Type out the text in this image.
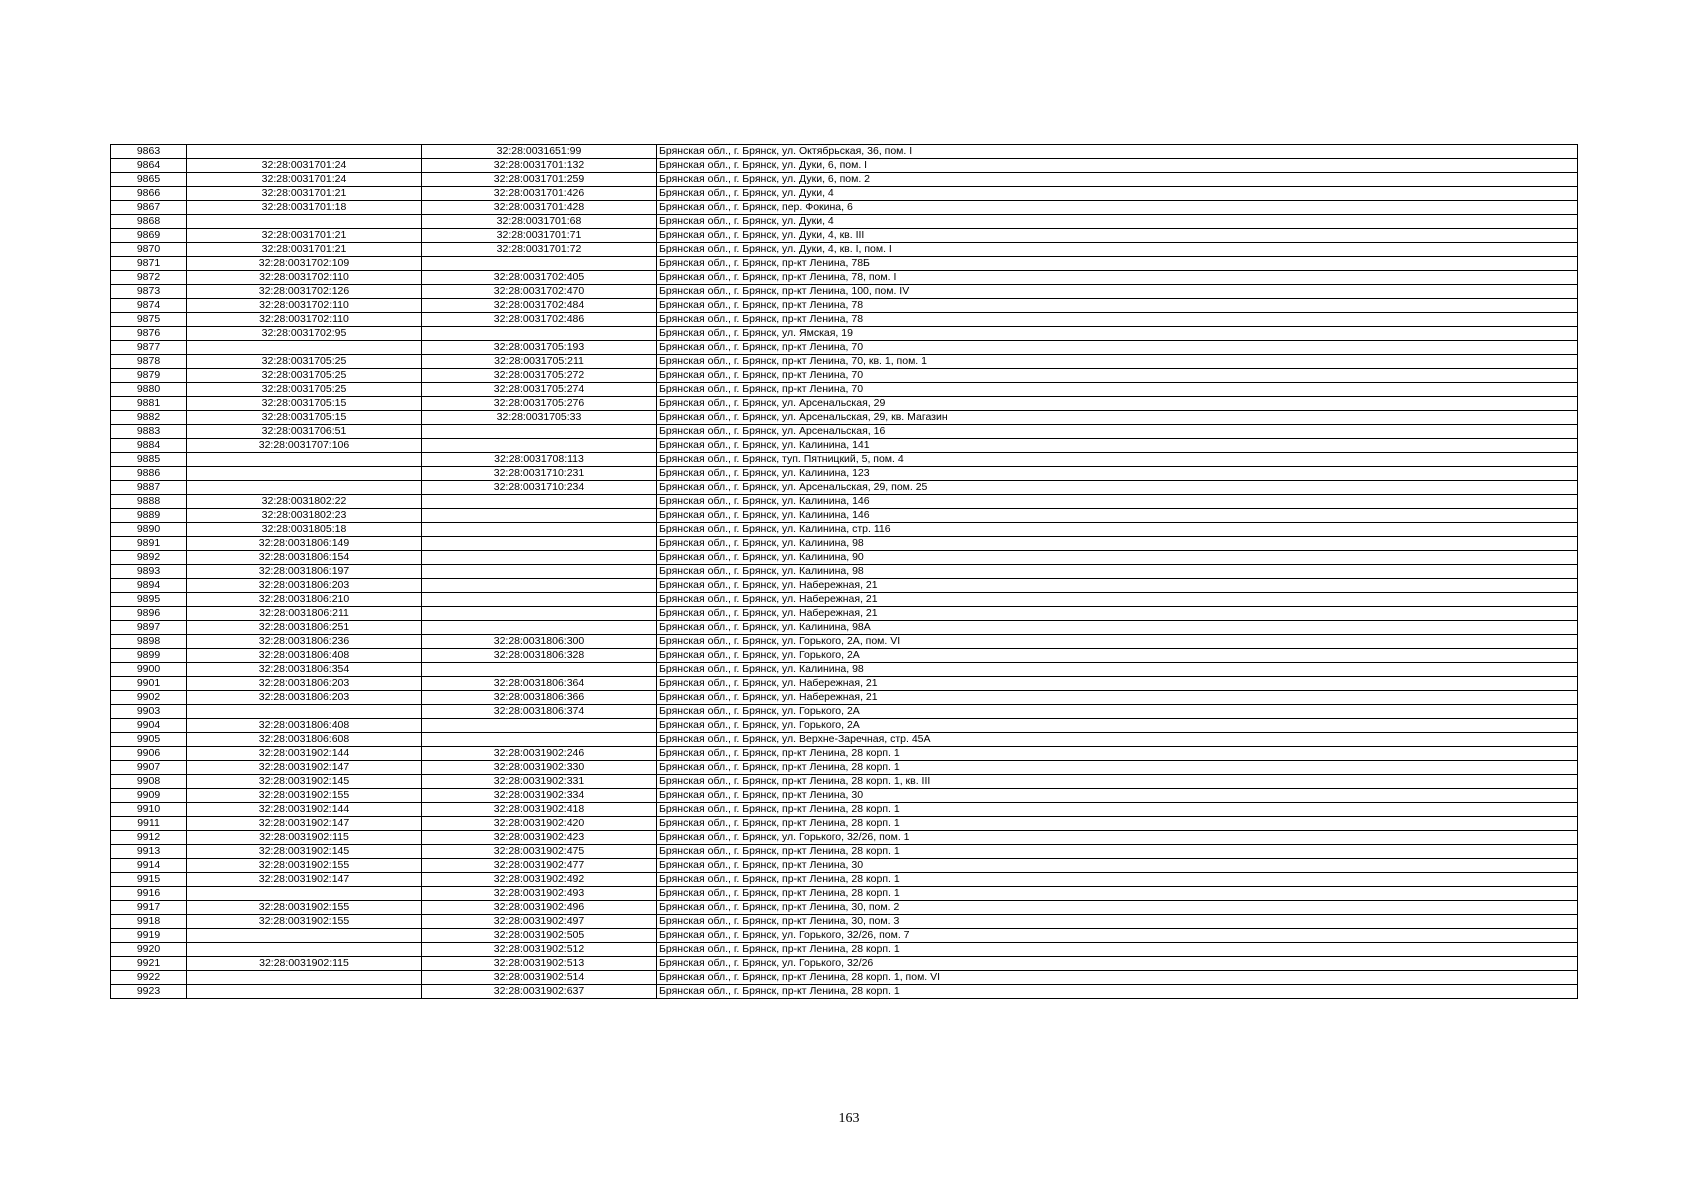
9863		32:28:0031651:99	Брянская обл., г. Брянск, ул. Октябрьская, 36, пом. I
9864	32:28:0031701:24	32:28:0031701:132	Брянская обл., г. Брянск, ул. Дуки, 6, пом. I
9865	32:28:0031701:24	32:28:0031701:259	Брянская обл., г. Брянск, ул. Дуки, 6, пом. 2
9866	32:28:0031701:21	32:28:0031701:426	Брянская обл., г. Брянск, ул. Дуки, 4
9867	32:28:0031701:18	32:28:0031701:428	Брянская обл., г. Брянск, пер. Фокина, 6
9868		32:28:0031701:68	Брянская обл., г. Брянск, ул. Дуки, 4
9869	32:28:0031701:21	32:28:0031701:71	Брянская обл., г. Брянск, ул. Дуки, 4, кв. III
9870	32:28:0031701:21	32:28:0031701:72	Брянская обл., г. Брянск, ул. Дуки, 4, кв. I, пом. I
9871	32:28:0031702:109		Брянская обл., г. Брянск, пр-кт Ленина, 78Б
9872	32:28:0031702:110	32:28:0031702:405	Брянская обл., г. Брянск, пр-кт Ленина, 78, пом. I
9873	32:28:0031702:126	32:28:0031702:470	Брянская обл., г. Брянск, пр-кт Ленина, 100, пом. IV
9874	32:28:0031702:110	32:28:0031702:484	Брянская обл., г. Брянск, пр-кт Ленина, 78
9875	32:28:0031702:110	32:28:0031702:486	Брянская обл., г. Брянск, пр-кт Ленина, 78
9876	32:28:0031702:95		Брянская обл., г. Брянск, ул. Ямская, 19
9877		32:28:0031705:193	Брянская обл., г. Брянск, пр-кт Ленина, 70
9878	32:28:0031705:25	32:28:0031705:211	Брянская обл., г. Брянск, пр-кт Ленина, 70, кв. 1, пом. 1
9879	32:28:0031705:25	32:28:0031705:272	Брянская обл., г. Брянск, пр-кт Ленина, 70
9880	32:28:0031705:25	32:28:0031705:274	Брянская обл., г. Брянск, пр-кт Ленина, 70
9881	32:28:0031705:15	32:28:0031705:276	Брянская обл., г. Брянск, ул. Арсенальская, 29
9882	32:28:0031705:15	32:28:0031705:33	Брянская обл., г. Брянск, ул. Арсенальская, 29, кв. Магазин
9883	32:28:0031706:51		Брянская обл., г. Брянск, ул. Арсенальская, 16
9884	32:28:0031707:106		Брянская обл., г. Брянск, ул. Калинина, 141
9885		32:28:0031708:113	Брянская обл., г. Брянск, туп. Пятницкий, 5, пом. 4
9886		32:28:0031710:231	Брянская обл., г. Брянск, ул. Калинина, 123
9887		32:28:0031710:234	Брянская обл., г. Брянск, ул. Арсенальская, 29, пом. 25
9888	32:28:0031802:22		Брянская обл., г. Брянск, ул. Калинина, 146
9889	32:28:0031802:23		Брянская обл., г. Брянск, ул. Калинина, 146
9890	32:28:0031805:18		Брянская обл., г. Брянск, ул. Калинина, стр. 116
9891	32:28:0031806:149		Брянская обл., г. Брянск, ул. Калинина, 98
9892	32:28:0031806:154		Брянская обл., г. Брянск, ул. Калинина, 90
9893	32:28:0031806:197		Брянская обл., г. Брянск, ул. Калинина, 98
9894	32:28:0031806:203		Брянская обл., г. Брянск, ул. Набережная, 21
9895	32:28:0031806:210		Брянская обл., г. Брянск, ул. Набережная, 21
9896	32:28:0031806:211		Брянская обл., г. Брянск, ул. Набережная, 21
9897	32:28:0031806:251		Брянская обл., г. Брянск, ул. Калинина, 98А
9898	32:28:0031806:236	32:28:0031806:300	Брянская обл., г. Брянск, ул. Горького, 2А, пом. VI
9899	32:28:0031806:408	32:28:0031806:328	Брянская обл., г. Брянск, ул. Горького, 2А
9900	32:28:0031806:354		Брянская обл., г. Брянск, ул. Калинина, 98
9901	32:28:0031806:203	32:28:0031806:364	Брянская обл., г. Брянск, ул. Набережная, 21
9902	32:28:0031806:203	32:28:0031806:366	Брянская обл., г. Брянск, ул. Набережная, 21
9903		32:28:0031806:374	Брянская обл., г. Брянск, ул. Горького, 2А
9904	32:28:0031806:408		Брянская обл., г. Брянск, ул. Горького, 2А
9905	32:28:0031806:608		Брянская обл., г. Брянск, ул. Верхне-Заречная, стр. 45А
9906	32:28:0031902:144	32:28:0031902:246	Брянская обл., г. Брянск, пр-кт Ленина, 28 корп. 1
9907	32:28:0031902:147	32:28:0031902:330	Брянская обл., г. Брянск, пр-кт Ленина, 28 корп. 1
9908	32:28:0031902:145	32:28:0031902:331	Брянская обл., г. Брянск, пр-кт Ленина, 28 корп. 1, кв. III
9909	32:28:0031902:155	32:28:0031902:334	Брянская обл., г. Брянск, пр-кт Ленина, 30
9910	32:28:0031902:144	32:28:0031902:418	Брянская обл., г. Брянск, пр-кт Ленина, 28 корп. 1
9911	32:28:0031902:147	32:28:0031902:420	Брянская обл., г. Брянск, пр-кт Ленина, 28 корп. 1
9912	32:28:0031902:115	32:28:0031902:423	Брянская обл., г. Брянск, ул. Горького, 32/26, пом. 1
9913	32:28:0031902:145	32:28:0031902:475	Брянская обл., г. Брянск, пр-кт Ленина, 28 корп. 1
9914	32:28:0031902:155	32:28:0031902:477	Брянская обл., г. Брянск, пр-кт Ленина, 30
9915	32:28:0031902:147	32:28:0031902:492	Брянская обл., г. Брянск, пр-кт Ленина, 28 корп. 1
9916		32:28:0031902:493	Брянская обл., г. Брянск, пр-кт Ленина, 28 корп. 1
9917	32:28:0031902:155	32:28:0031902:496	Брянская обл., г. Брянск, пр-кт Ленина, 30, пом. 2
9918	32:28:0031902:155	32:28:0031902:497	Брянская обл., г. Брянск, пр-кт Ленина, 30, пом. 3
9919		32:28:0031902:505	Брянская обл., г. Брянск, ул. Горького, 32/26, пом. 7
9920		32:28:0031902:512	Брянская обл., г. Брянск, пр-кт Ленина, 28 корп. 1
9921	32:28:0031902:115	32:28:0031902:513	Брянская обл., г. Брянск, ул. Горького, 32/26
9922		32:28:0031902:514	Брянская обл., г. Брянск, пр-кт Ленина, 28 корп. 1, пом. VI
9923		32:28:0031902:637	Брянская обл., г. Брянск, пр-кт Ленина, 28 корп. 1
163
